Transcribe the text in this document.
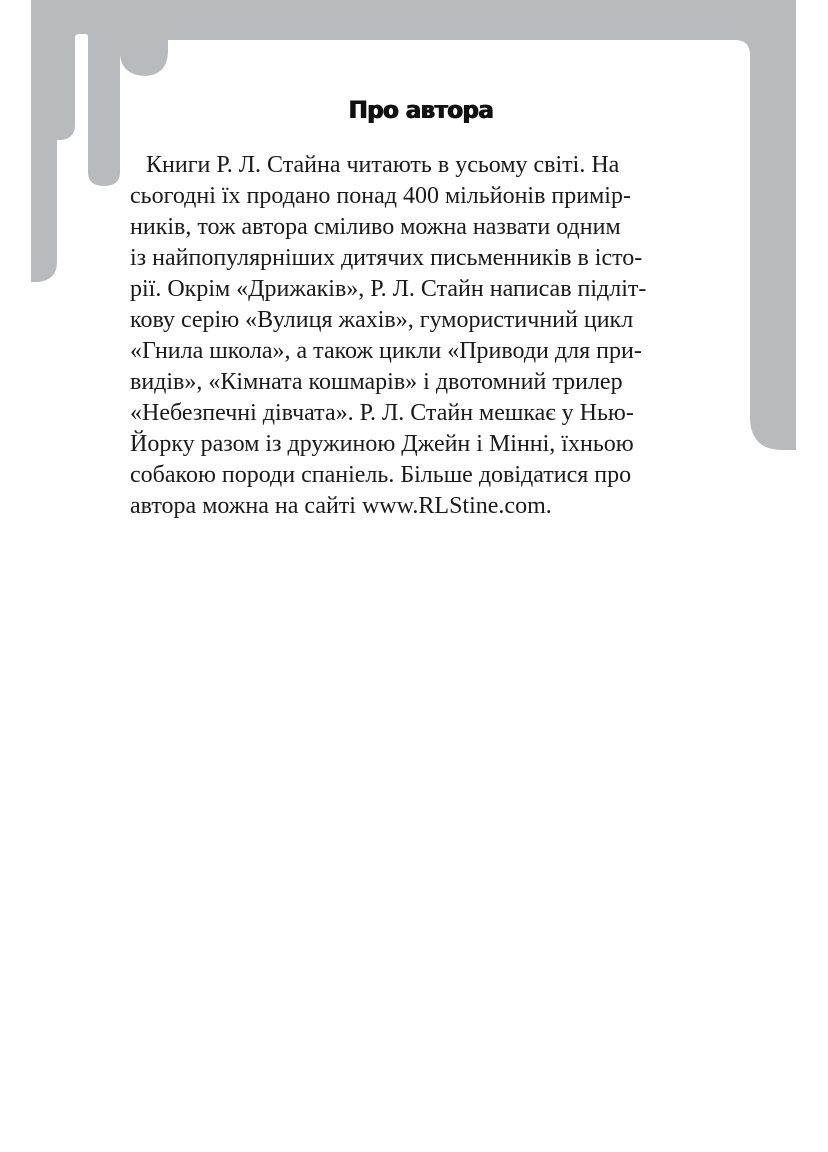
Про автора
Книги Р. Л. Стайна читають в усьому світі. На
сьогодні їх продано понад 400 мільйонів примір-
ників, тож автора сміливо можна назвати одним
із найпопулярніших дитячих письменників в істо-
рії. Окрім «Дрижаків», Р. Л. Стайн написав підліт-
кову серію «Вулиця жахів», гумористичний цикл
«Гнила школа», а також цикли «Приводи для при-
видів», «Кімната кошмарів» і двотомний трилер
«Небезпечні дівчата». Р. Л. Стайн мешкає у Нью-
Йорку разом із дружиною Джейн і Мінні, їхньою
собакою породи спаніель. Більше довідатися про
автора можна на сайті www.RLStine.com.
